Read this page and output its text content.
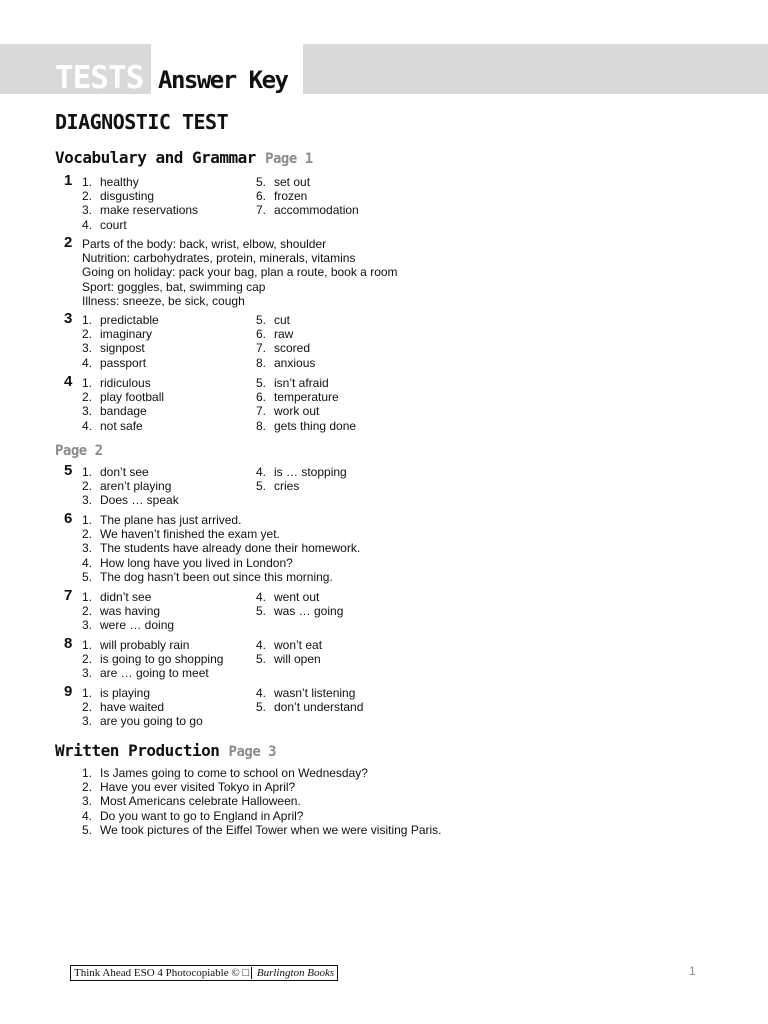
TESTS Answer Key
DIAGNOSTIC TEST
Vocabulary and Grammar Page 1
Page 2
Written Production Page 3
1 1. healthy
2. disgusting
3. make reservations
4. court
5. set out
6. frozen
7. accommodation
2 Parts of the body: back, wrist, elbow, shoulder
Nutrition: carbohydrates, protein, minerals, vitamins
Going on holiday: pack your bag, plan a route, book a room
Sport: goggles, bat, swimming cap
Illness: sneeze, be sick, cough
3 1. predictable
2. imaginary
3. signpost
4. passport
5. cut
6. raw
7. scored
8. anxious
4 1. ridiculous
2. play football
3. bandage
4. not safe
5. isn’t afraid
6. temperature
7. work out
8. gets thing done
5 1. don’t see
2. aren’t playing
3. Does … speak
4. is … stopping
5. cries
6 1. The plane has just arrived.
2. We haven’t finished the exam yet.
3. The students have already done their homework.
4. How long have you lived in London?
5. The dog hasn’t been out since this morning.
7 1. didn’t see
2. was having
3. were … doing
4. went out
5. was … going
8 1. will probably rain
2. is going to go shopping
3. are … going to meet
4. won’t eat
5. will open
9 1. is playing
2. have waited
3. are you going to go
4. wasn’t listening
5. don’t understand
1. Is James going to come to school on Wednesday?
2. Have you ever visited Tokyo in April?
3. Most Americans celebrate Halloween.
4. Do you want to go to England in April?
5. We took pictures of the Eiffel Tower when we were visiting Paris.
Think Ahead ESO 4 Photocopiable © □ Burlington Books	1
